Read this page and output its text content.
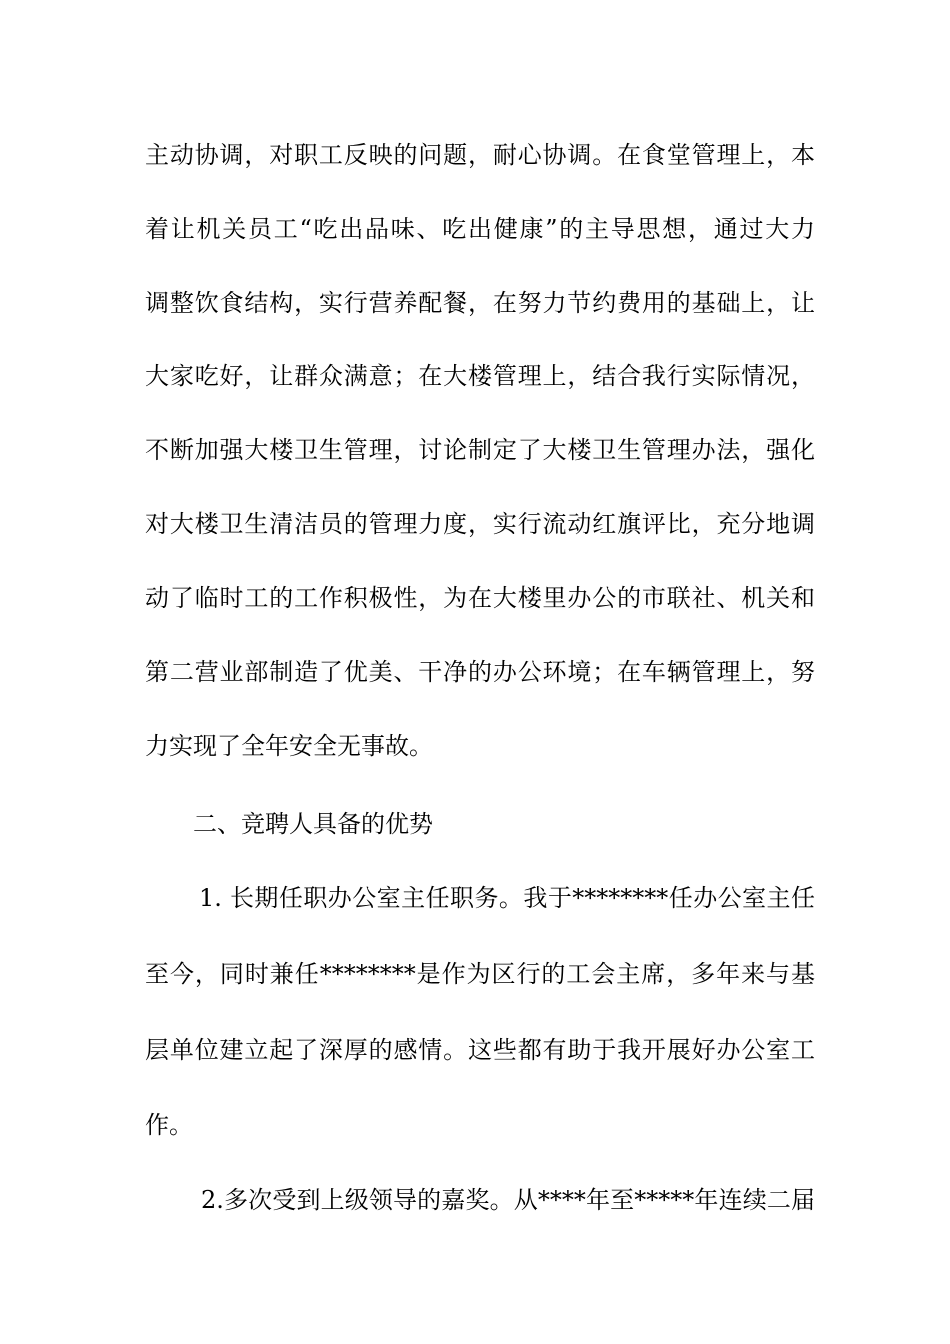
主动协调，对职工反映的问题，耐心协调。在食堂管理上，本
着让机关员工“吃出品味、吃出健康”的主导思想，通过大力
调整饮食结构，实行营养配餐，在努力节约费用的基础上，让
大家吃好，让群众满意；在大楼管理上，结合我行实际情况，
不断加强大楼卫生管理，讨论制定了大楼卫生管理办法，强化
对大楼卫生清洁员的管理力度，实行流动红旗评比，充分地调
动了临时工的工作积极性，为在大楼里办公的市联社、机关和
第二营业部制造了优美、干净的办公环境；在车辆管理上，努
力实现了全年安全无事故。
二、竞聘人具备的优势
1. 长期任职办公室主任职务。我于********任办公室主任
至今，同时兼任********是作为区行的工会主席，多年来与基
层单位建立起了深厚的感情。这些都有助于我开展好办公室工
作。
2.多次受到上级领导的嘉奖。从****年至*****年连续二届
